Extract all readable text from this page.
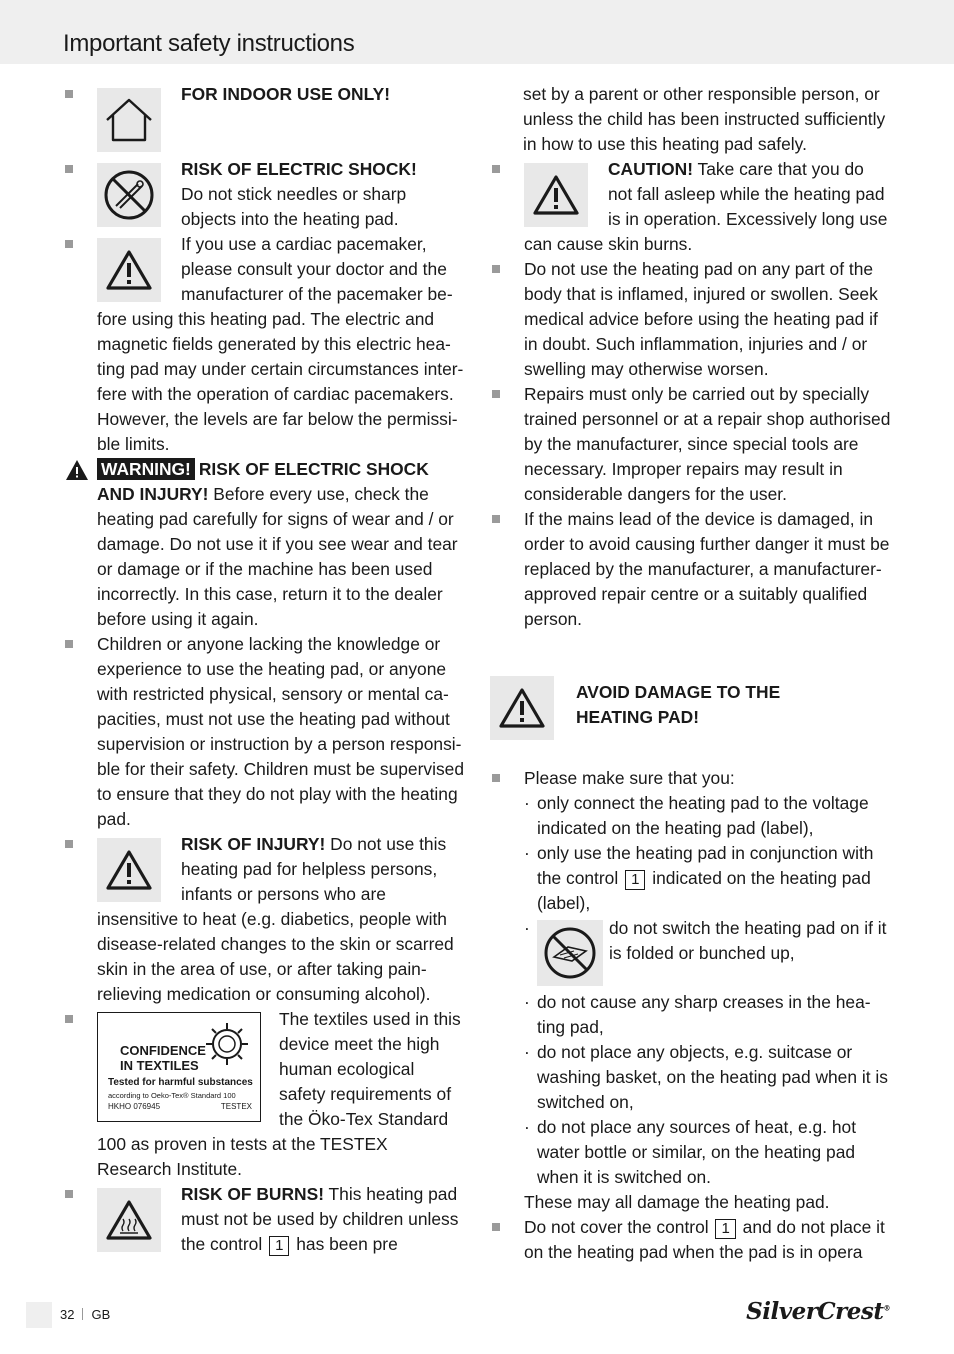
Important safety instructions
FOR INDOOR USE ONLY!
RISK OF ELECTRIC SHOCK!
Do not stick needles or sharp objects into the heating pad.
If you use a cardiac pacemaker, please consult your doctor and the manufacturer of the pacemaker before using this heating pad. The electric and magnetic fields generated by this electric heating pad may under certain circumstances interfere with the operation of cardiac pacemakers. However, the levels are far below the permissible limits.
WARNING! RISK OF ELECTRIC SHOCK
AND INJURY! Before every use, check the heating pad carefully for signs of wear and / or damage. Do not use it if you see wear and tear or damage or if the machine has been used incorrectly. In this case, return it to the dealer before using it again.
Children or anyone lacking the knowledge or experience to use the heating pad, or anyone with restricted physical, sensory or mental capacities, must not use the heating pad without supervision or instruction by a person responsible for their safety. Children must be supervised to ensure that they do not play with the heating pad.
RISK OF INJURY! Do not use this heating pad for helpless persons, infants or persons who are insensitive to heat (e.g. diabetics, people with disease-related changes to the skin or scarred skin in the area of use, or after taking pain-relieving medication or consuming alcohol).
CONFIDENCE
IN TEXTILES
Tested for harmful substances
according to Oeko-Tex® Standard 100
HKHO 076945	TESTEX
The textiles used in this device meet the high human ecological safety requirements of the Öko-Tex Standard 100 as proven in tests at the TESTEX Research Institute.
RISK OF BURNS! This heating pad must not be used by children unless the control 1 has been pre
set by a parent or other responsible person, or unless the child has been instructed sufficiently in how to use this heating pad safely.
CAUTION! Take care that you do not fall asleep while the heating pad is in operation. Excessively long use can cause skin burns.
Do not use the heating pad on any part of the body that is inflamed, injured or swollen. Seek medical advice before using the heating pad if in doubt. Such inflammation, injuries and / or swelling may otherwise worsen.
Repairs must only be carried out by specially trained personnel or at a repair shop authorised by the manufacturer, since special tools are necessary. Improper repairs may result in considerable dangers for the user.
If the mains lead of the device is damaged, in order to avoid causing further danger it must be replaced by the manufacturer, a manufacturer-approved repair centre or a suitably qualified person.
AVOID DAMAGE TO THE
HEATING PAD!
Please make sure that you:
· only connect the heating pad to the voltage indicated on the heating pad (label),
· only use the heating pad in conjunction with the control 1 indicated on the heating pad (label),
·	do not switch the heating pad on if it is folded or bunched up,
· do not cause any sharp creases in the heating pad,
· do not place any objects, e.g. suitcase or washing basket, on the heating pad when it is switched on,
· do not place any sources of heat, e.g. hot water bottle or similar, on the heating pad when it is switched on.
These may all damage the heating pad.
Do not cover the control 1 and do not place it on the heating pad when the pad is in opera
32 GB	SilverCrest®
